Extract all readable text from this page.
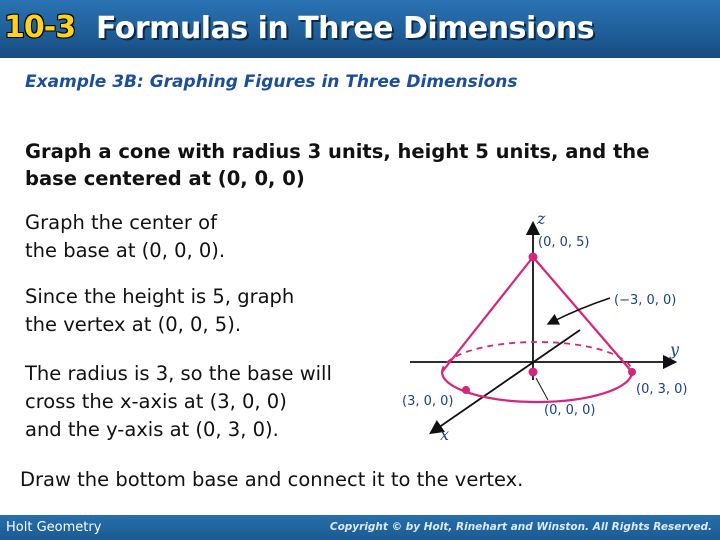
10-3 Formulas in Three Dimensions
Example 3B: Graphing Figures in Three Dimensions
Graph a cone with radius 3 units, height 5 units, and the base centered at (0, 0, 0)
Graph the center of
the base at (0, 0, 0).
Since the height is 5, graph
the vertex at (0, 0, 5).
The radius is 3, so the base will
cross the x-axis at (3, 0, 0)
and the y-axis at (0, 3, 0).
z
y
x
(0, 0, 5)
(−3, 0, 0)
(0, 3, 0)
(3, 0, 0)
(0, 0, 0)
Draw the bottom base and connect it to the vertex.
Holt Geometry	Copyright © by Holt, Rinehart and Winston. All Rights Reserved.
